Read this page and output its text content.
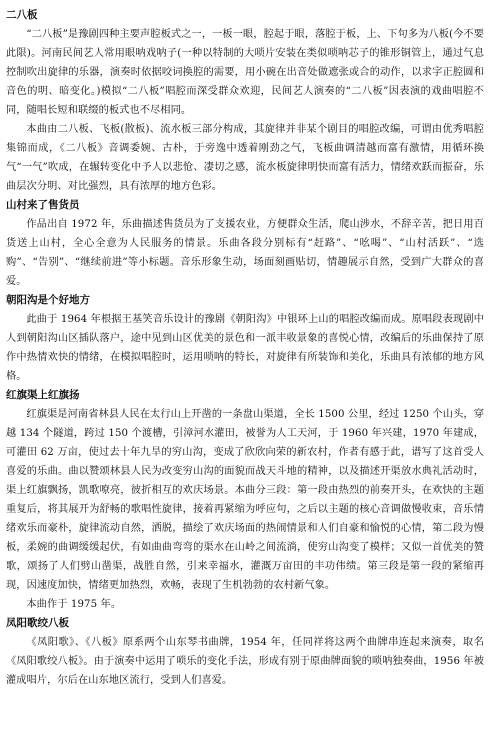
二八板

“二八板”是豫剧四种主要声腔板式之一，一板一眼，腔起于眼，落腔于板，上、下句多为八板(今不要此限)。河南民间艺人常用眼呐戏呐子(一种以特制的大唢片安装在类似唢呐芯子的锥形铜管上，通过气息控制吹出旋律的乐器，演奏时依据咬词换腔的需要，用小碗在出音处做遮张或合的动作，以求字正腔圆和音色的明、暗变化。)模拟“二八板”唱腔而深受群众欢迎，民间艺人演奏的“二八板”因表演的戏曲唱腔不同，随唱长短和联缀的板式也不尽相同。

本曲由二八板、飞板(散板)、流水板三部分构成，其旋律并非某个剧目的唱腔改编，可谓由优秀唱腔集锦而成，《二八板》音调委婉、古朴，于旁逸中透着刚劲之气，飞板曲调清越而富有激情，用循环换气“一气”吹成，在辗转变化中予人以悲怆、凄切之感，流水板旋律明快而富有活力，情绪欢跃而振奋，乐曲层次分明、对比强烈，具有浓厚的地方色彩。

山村来了售货员

作品出自 1972 年，乐曲描述售货员为了支援农业，方便群众生活，爬山涉水，不辞辛苦，把日用百货送上山村，全心全意为人民服务的情景。乐曲各段分别标有“赶路”、“吆喝”、“山村活跃”、“选购”、“告别”、“继续前进”等小标题。音乐形象生动，场面刻画贴切，情趣展示自然，受到广大群众的喜爱。

朝阳沟是个好地方

此曲于 1964 年根据王基笑音乐设计的豫剧《朝阳沟》中银环上山的唱腔改编而成。原唱段表现剧中人到朝阳沟山区插队落户，途中见到山区优美的景色和一派丰收景象的喜悦心情，改编后的乐曲保持了原作中热情欢快的情绪，在模拟唱腔时，运用唢呐的特长，对旋律有所装饰和美化，乐曲具有浓郁的地方风格。

红旗渠上红旗扬

红旗渠是河南省林县人民在太行山上开凿的一条盘山渠道，全长 1500 公里，经过 1250 个山头，穿越 134 个隧道，跨过 150 个渡槽，引漳河水灌田，被誉为人工天河，于 1960 年兴建，1970 年建成，可灌田 62 万亩，使过去十年九旱的穷山沟，变成了欣欣向荣的新农村，作者有感于此，谱写了这首受人喜爱的乐曲。曲以赞颂林县人民为改变穷山沟的面貌而战天斗地的精神，以及描述开渠放水典礼活动时，渠上红旗飘扬，凯歌嘹亮，彼折相互的欢庆场景。本曲分三段：第一段由热烈的前奏开头，在欢快的主题重复后，将其展开为舒畅的歌唱性旋律，接着再紧缩为呼应句，之后以主题的核心音调做慢收束，音乐情绪欢乐而豪朴，旋律流动自然，洒脱，描绘了欢庆场面的热闹情景和人们自豪和愉悦的心情，第二段为慢板，柔婉的曲调缓缓起伏，有如曲曲弯弯的渠水在山岭之间流淌，使穷山沟变了模样；又似一首优美的赞歌，颂扬了人们劈山凿渠，战胜自然，引来幸福水，灌溉万亩田的丰功伟绩。第三段是第一段的紧缩再现，因速度加快，情绪更加热烈，欢畅，表现了生机勃勃的农村新气象。

本曲作于 1975 年。

凤阳歌绞八板

《凤阳歌》、《八板》原系两个山东琴书曲牌，1954 年，任同祥将这两个曲牌串连起来演奏，取名《凤阳歌绞八板》。由于演奏中运用了唢乐的变化手法，形成有别于原曲牌面貌的唢呐独奏曲，1956 年被灌成唱片，尔后在山东地区流行，受到人们喜爱。
